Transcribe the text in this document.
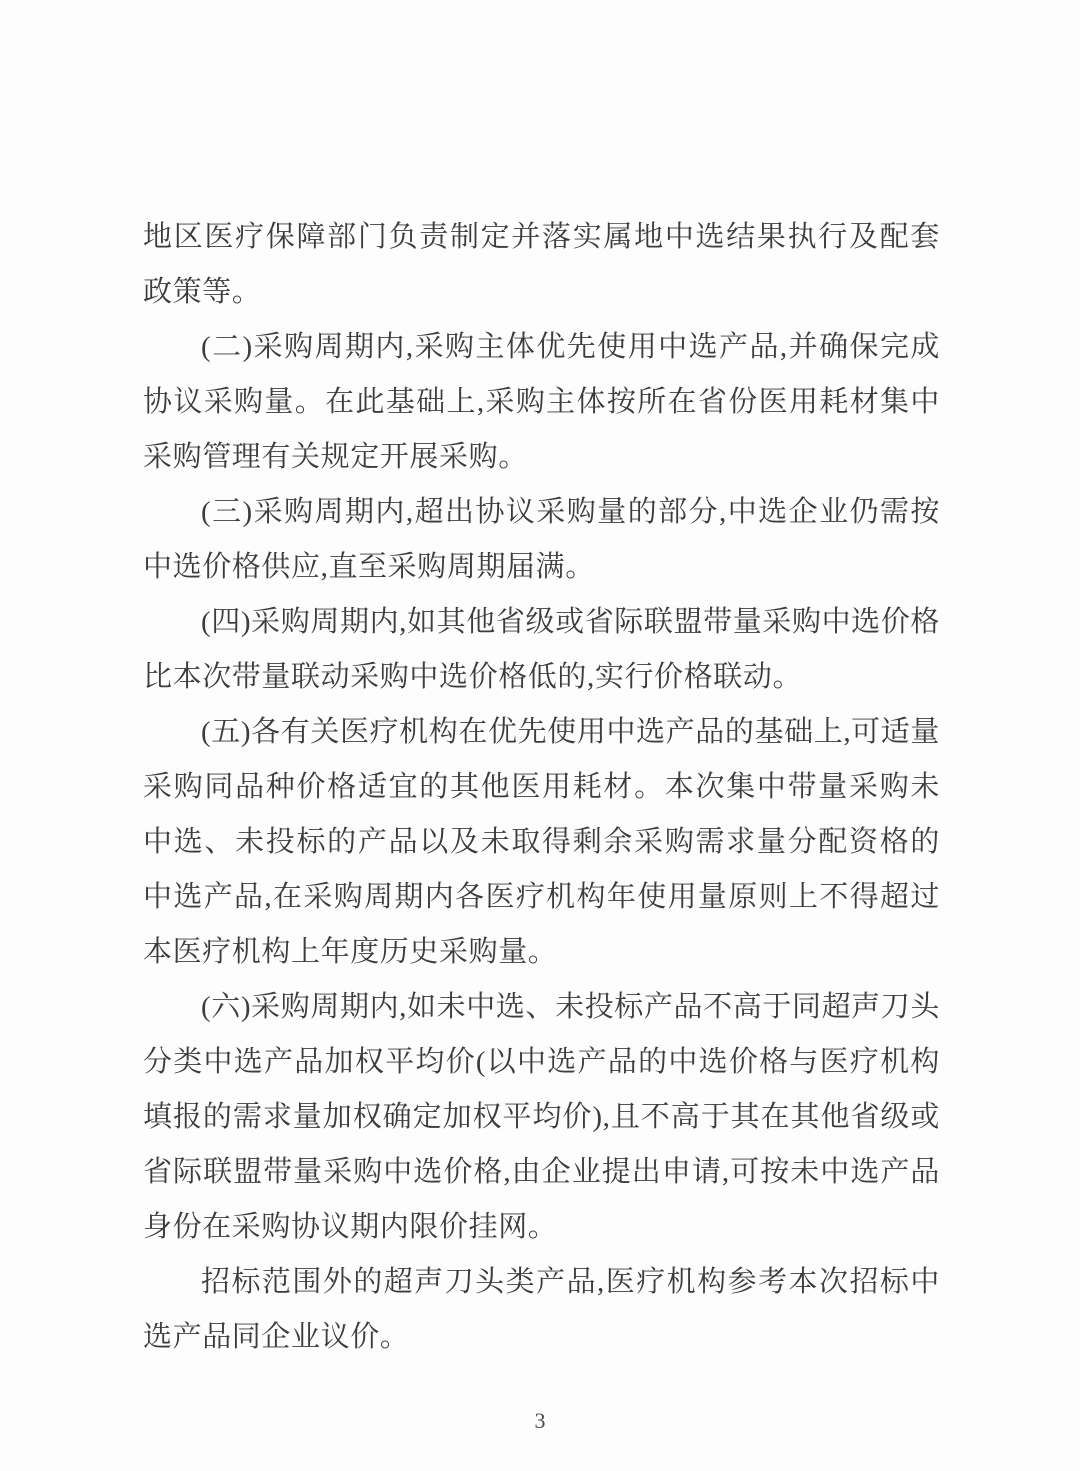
地区医疗保障部门负责制定并落实属地中选结果执行及配套政策等。

(二)采购周期内,采购主体优先使用中选产品,并确保完成协议采购量。在此基础上,采购主体按所在省份医用耗材集中采购管理有关规定开展采购。

(三)采购周期内,超出协议采购量的部分,中选企业仍需按中选价格供应,直至采购周期届满。

(四)采购周期内,如其他省级或省际联盟带量采购中选价格比本次带量联动采购中选价格低的,实行价格联动。

(五)各有关医疗机构在优先使用中选产品的基础上,可适量采购同品种价格适宜的其他医用耗材。本次集中带量采购未中选、未投标的产品以及未取得剩余采购需求量分配资格的中选产品,在采购周期内各医疗机构年使用量原则上不得超过本医疗机构上年度历史采购量。

(六)采购周期内,如未中选、未投标产品不高于同超声刀头分类中选产品加权平均价(以中选产品的中选价格与医疗机构填报的需求量加权确定加权平均价),且不高于其在其他省级或省际联盟带量采购中选价格,由企业提出申请,可按未中选产品身份在采购协议期内限价挂网。

招标范围外的超声刀头类产品,医疗机构参考本次招标中选产品同企业议价。

3
